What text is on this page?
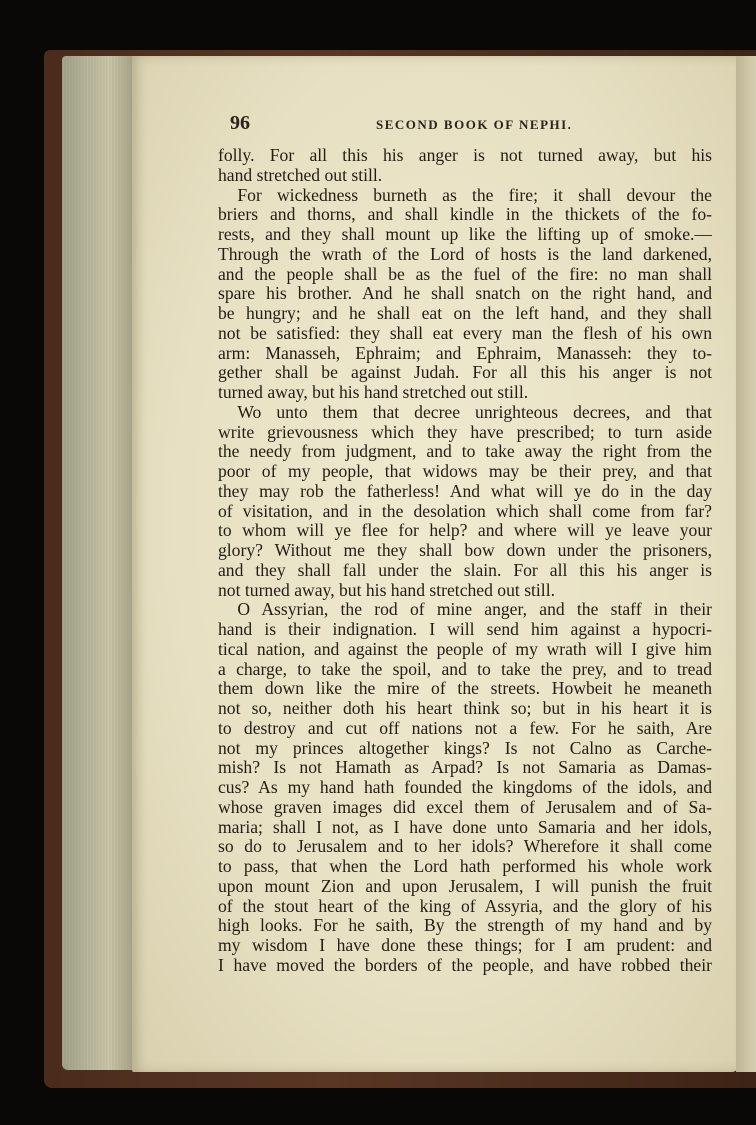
96	SECOND BOOK OF NEPHI.
folly. For all this his anger is not turned away, but his
hand stretched out still.
For wickedness burneth as the fire; it shall devour the
briers and thorns, and shall kindle in the thickets of the fo-
rests, and they shall mount up like the lifting up of smoke.—
Through the wrath of the Lord of hosts is the land darkened,
and the people shall be as the fuel of the fire: no man shall
spare his brother. And he shall snatch on the right hand, and
be hungry; and he shall eat on the left hand, and they shall
not be satisfied: they shall eat every man the flesh of his own
arm: Manasseh, Ephraim; and Ephraim, Manasseh: they to-
gether shall be against Judah. For all this his anger is not
turned away, but his hand stretched out still.
Wo unto them that decree unrighteous decrees, and that
write grievousness which they have prescribed; to turn aside
the needy from judgment, and to take away the right from the
poor of my people, that widows may be their prey, and that
they may rob the fatherless! And what will ye do in the day
of visitation, and in the desolation which shall come from far?
to whom will ye flee for help? and where will ye leave your
glory? Without me they shall bow down under the prisoners,
and they shall fall under the slain. For all this his anger is
not turned away, but his hand stretched out still.
O Assyrian, the rod of mine anger, and the staff in their
hand is their indignation. I will send him against a hypocri-
tical nation, and against the people of my wrath will I give him
a charge, to take the spoil, and to take the prey, and to tread
them down like the mire of the streets. Howbeit he meaneth
not so, neither doth his heart think so; but in his heart it is
to destroy and cut off nations not a few. For he saith, Are
not my princes altogether kings? Is not Calno as Carche-
mish? Is not Hamath as Arpad? Is not Samaria as Damas-
cus? As my hand hath founded the kingdoms of the idols, and
whose graven images did excel them of Jerusalem and of Sa-
maria; shall I not, as I have done unto Samaria and her idols,
so do to Jerusalem and to her idols? Wherefore it shall come
to pass, that when the Lord hath performed his whole work
upon mount Zion and upon Jerusalem, I will punish the fruit
of the stout heart of the king of Assyria, and the glory of his
high looks. For he saith, By the strength of my hand and by
my wisdom I have done these things; for I am prudent: and
I have moved the borders of the people, and have robbed their
